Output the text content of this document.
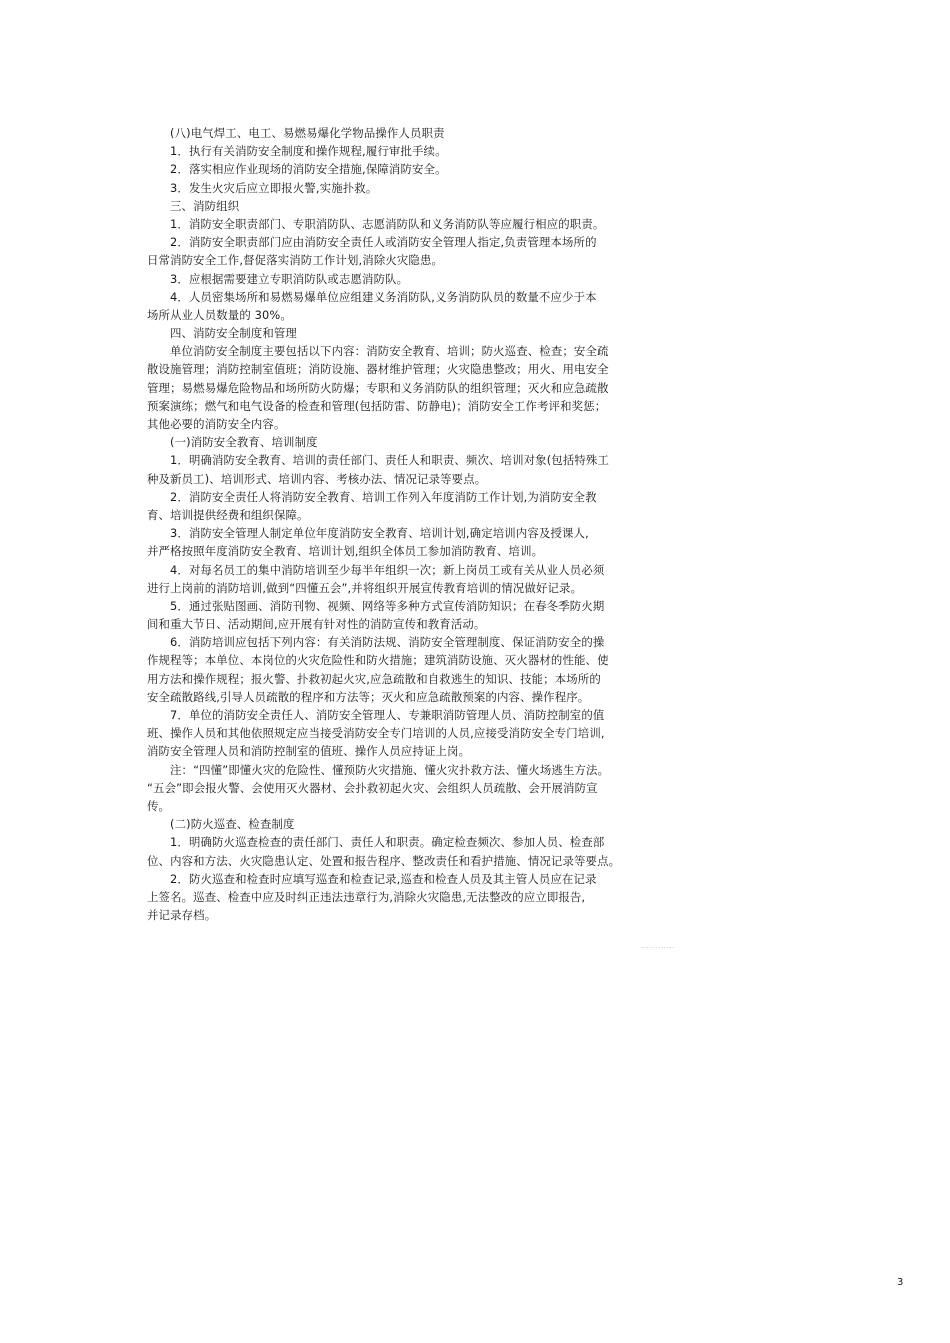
(八)电气焊工、电工、易燃易爆化学物品操作人员职责
1．执行有关消防安全制度和操作规程,履行审批手续。
2．落实相应作业现场的消防安全措施,保障消防安全。
3．发生火灾后应立即报火警,实施扑救。
三、消防组织
1．消防安全职责部门、专职消防队、志愿消防队和义务消防队等应履行相应的职责。
2．消防安全职责部门应由消防安全责任人或消防安全管理人指定,负责管理本场所的
日常消防安全工作,督促落实消防工作计划,消除火灾隐患。
3．应根据需要建立专职消防队或志愿消防队。
4．人员密集场所和易燃易爆单位应组建义务消防队,义务消防队员的数量不应少于本
场所从业人员数量的 30%。
四、消防安全制度和管理
单位消防安全制度主要包括以下内容：消防安全教育、培训；防火巡查、检查；安全疏
散设施管理；消防控制室值班；消防设施、器材维护管理；火灾隐患整改；用火、用电安全
管理；易燃易爆危险物品和场所防火防爆；专职和义务消防队的组织管理；灭火和应急疏散
预案演练；燃气和电气设备的检查和管理(包括防雷、防静电)；消防安全工作考评和奖惩；
其他必要的消防安全内容。
(一)消防安全教育、培训制度
1．明确消防安全教育、培训的责任部门、责任人和职责、频次、培训对象(包括特殊工
种及新员工)、培训形式、培训内容、考核办法、情况记录等要点。
2．消防安全责任人将消防安全教育、培训工作列入年度消防工作计划,为消防安全教
育、培训提供经费和组织保障。
3．消防安全管理人制定单位年度消防安全教育、培训计划,确定培训内容及授课人,
并严格按照年度消防安全教育、培训计划,组织全体员工参加消防教育、培训。
4．对每名员工的集中消防培训至少每半年组织一次；新上岗员工或有关从业人员必须
进行上岗前的消防培训,做到“四懂五会”,并将组织开展宣传教育培训的情况做好记录。
5．通过张贴图画、消防刊物、视频、网络等多种方式宣传消防知识；在春冬季防火期
间和重大节日、活动期间,应开展有针对性的消防宣传和教育活动。
6．消防培训应包括下列内容：有关消防法规、消防安全管理制度、保证消防安全的操
作规程等；本单位、本岗位的火灾危险性和防火措施；建筑消防设施、灭火器材的性能、使
用方法和操作规程；报火警、扑救初起火灾,应急疏散和自救逃生的知识、技能；本场所的
安全疏散路线,引导人员疏散的程序和方法等；灭火和应急疏散预案的内容、操作程序。
7．单位的消防安全责任人、消防安全管理人、专兼职消防管理人员、消防控制室的值
班、操作人员和其他依照规定应当接受消防安全专门培训的人员,应接受消防安全专门培训,
消防安全管理人员和消防控制室的值班、操作人员应持证上岗。
注：“四懂”即懂火灾的危险性、懂预防火灾措施、懂火灾扑救方法、懂火场逃生方法。
“五会”即会报火警、会使用灭火器材、会扑救初起火灾、会组织人员疏散、会开展消防宣
传。
(二)防火巡查、检查制度
1．明确防火巡查检查的责任部门、责任人和职责。确定检查频次、参加人员、检查部
位、内容和方法、火灾隐患认定、处置和报告程序、整改责任和看护措施、情况记录等要点。
2．防火巡查和检查时应填写巡查和检查记录,巡查和检查人员及其主管人员应在记录
上签名。巡查、检查中应及时纠正违法违章行为,消除火灾隐患,无法整改的应立即报告,
并记录存档。
…………
3
